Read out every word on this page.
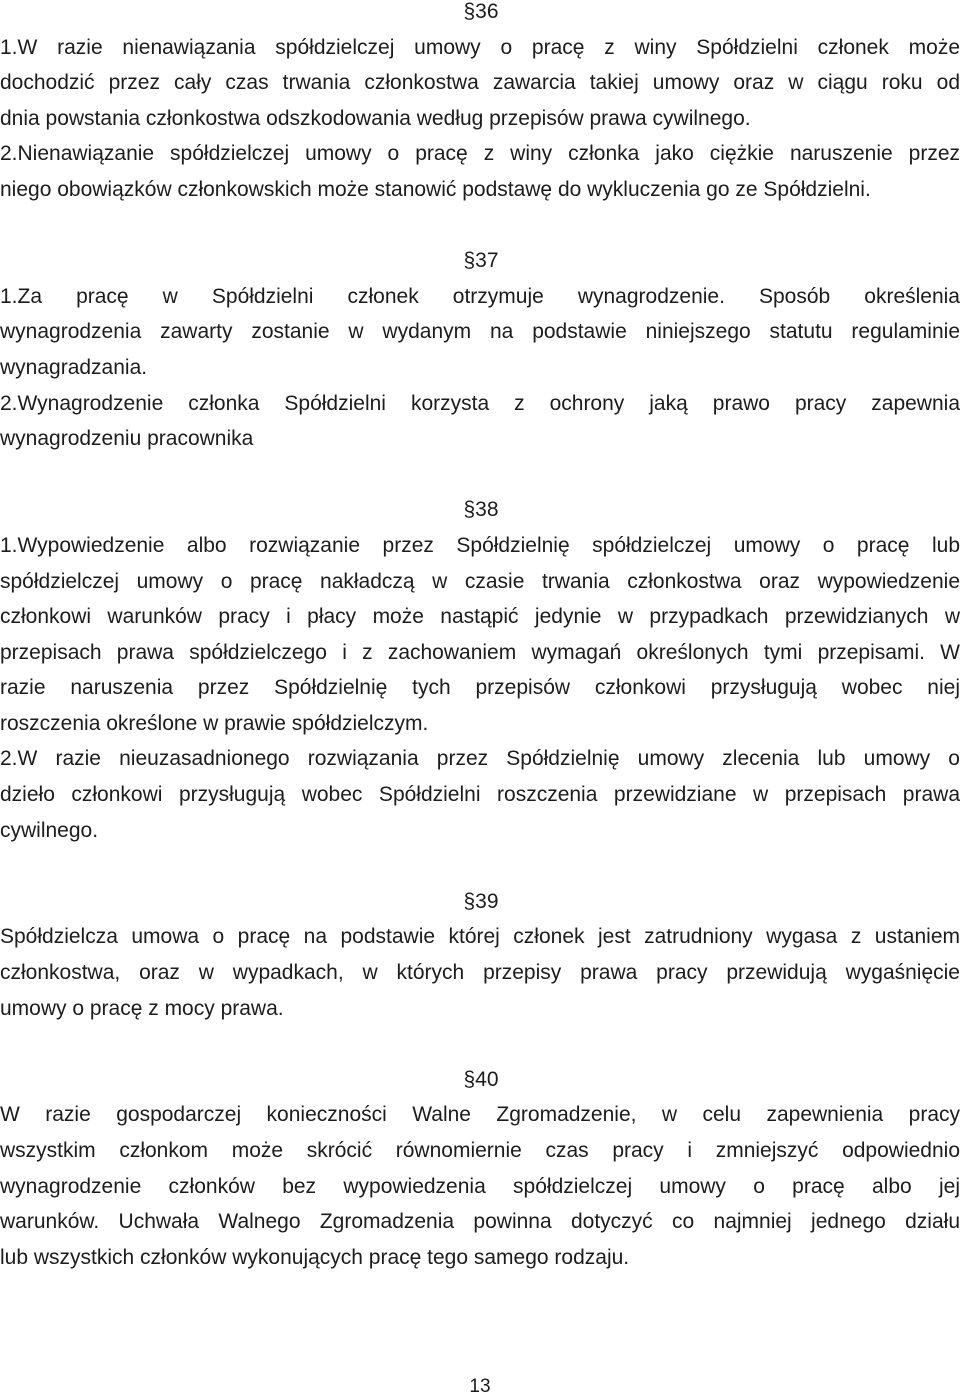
§36
1.W razie nienawiązania spółdzielczej umowy o pracę z winy Spółdzielni członek może
dochodzić przez cały czas trwania członkostwa zawarcia takiej umowy oraz w ciągu roku od
dnia powstania członkostwa odszkodowania według przepisów prawa cywilnego.
2.Nienawiązanie spółdzielczej umowy o pracę z winy członka jako ciężkie naruszenie przez
niego obowiązków członkowskich może stanowić podstawę do wykluczenia go ze Spółdzielni.
§37
1.Za pracę w Spółdzielni członek otrzymuje wynagrodzenie. Sposób określenia
wynagrodzenia zawarty zostanie w wydanym na podstawie niniejszego statutu regulaminie
wynagradzania.
2.Wynagrodzenie członka Spółdzielni korzysta z ochrony jaką prawo pracy zapewnia
wynagrodzeniu pracownika
§38
1.Wypowiedzenie albo rozwiązanie przez Spółdzielnię spółdzielczej umowy o pracę lub
spółdzielczej umowy o pracę nakładczą w czasie trwania członkostwa oraz wypowiedzenie
członkowi warunków pracy i płacy może nastąpić jedynie w przypadkach przewidzianych w
przepisach prawa spółdzielczego i z zachowaniem wymagań określonych tymi przepisami. W
razie naruszenia przez Spółdzielnię tych przepisów członkowi przysługują wobec niej
roszczenia określone w prawie spółdzielczym.
2.W razie nieuzasadnionego rozwiązania przez Spółdzielnię umowy zlecenia lub umowy o
dzieło członkowi przysługują wobec Spółdzielni roszczenia przewidziane w przepisach prawa
cywilnego.
§39
Spółdzielcza umowa o pracę na podstawie której członek jest zatrudniony wygasa z ustaniem
członkostwa, oraz w wypadkach, w których przepisy prawa pracy przewidują wygaśnięcie
umowy o pracę z mocy prawa.
§40
W razie gospodarczej konieczności Walne Zgromadzenie, w celu zapewnienia pracy
wszystkim członkom może skrócić równomiernie czas pracy i zmniejszyć odpowiednio
wynagrodzenie członków bez wypowiedzenia spółdzielczej umowy o pracę albo jej
warunków. Uchwała Walnego Zgromadzenia powinna dotyczyć co najmniej jednego działu
lub wszystkich członków wykonujących pracę tego samego rodzaju.
13
